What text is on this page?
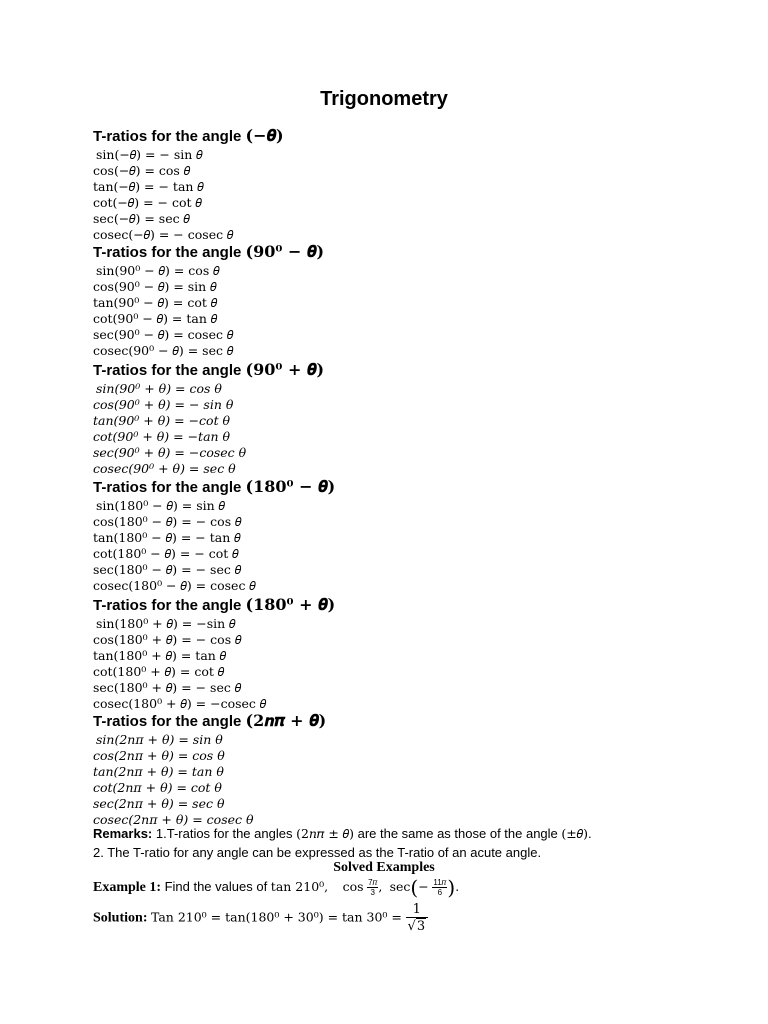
Trigonometry
T-ratios for the angle (−𝜽)
sin(−𝜃) = − sin 𝜃
cos(−𝜃) = cos 𝜃
tan(−𝜃) = − tan 𝜃
cot(−𝜃) = − cot 𝜃
sec(−𝜃) = sec 𝜃
cosec(−𝜃) = − cosec 𝜃
T-ratios for the angle (90⁰ − 𝜽)
sin(90⁰ − 𝜃) = cos 𝜃
cos(90⁰ − 𝜃) = sin 𝜃
tan(90⁰ − 𝜃) = cot 𝜃
cot(90⁰ − 𝜃) = tan 𝜃
sec(90⁰ − 𝜃) = cosec 𝜃
cosec(90⁰ − 𝜃) = sec 𝜃
T-ratios for the angle (90⁰ + 𝜽)
sin(90⁰ + 𝜃) = cos 𝜃
cos(90⁰ + 𝜃) = − sin 𝜃
tan(90⁰ + 𝜃) = −cot 𝜃
cot(90⁰ + 𝜃) = −tan 𝜃
sec(90⁰ + 𝜃) = −cosec 𝜃
cosec(90⁰ + 𝜃) = sec 𝜃
T-ratios for the angle (180⁰ − 𝜽)
sin(180⁰ − 𝜃) = sin 𝜃
cos(180⁰ − 𝜃) = − cos 𝜃
tan(180⁰ − 𝜃) = − tan 𝜃
cot(180⁰ − 𝜃) = − cot 𝜃
sec(180⁰ − 𝜃) = − sec 𝜃
cosec(180⁰ − 𝜃) = cosec 𝜃
T-ratios for the angle (180⁰ + 𝜽)
sin(180⁰ + 𝜃) = −sin 𝜃
cos(180⁰ + 𝜃) = − cos 𝜃
tan(180⁰ + 𝜃) = tan 𝜃
cot(180⁰ + 𝜃) = cot 𝜃
sec(180⁰ + 𝜃) = − sec 𝜃
cosec(180⁰ + 𝜃) = −cosec 𝜃
T-ratios for the angle (2𝒏𝝅 + 𝜽)
sin(2𝑛𝜋 + 𝜃) = sin 𝜃
cos(2𝑛𝜋 + 𝜃) = cos 𝜃
tan(2𝑛𝜋 + 𝜃) = tan 𝜃
cot(2𝑛𝜋 + 𝜃) = cot 𝜃
sec(2𝑛𝜋 + 𝜃) = sec 𝜃
cosec(2𝑛𝜋 + 𝜃) = cosec 𝜃
Remarks: 1.T-ratios for the angles (2𝑛𝜋 ± 𝜃) are the same as those of the angle (±𝜃).
2. The T-ratio for any angle can be expressed as the T-ratio of an acute angle.
Solved Examples
Example 1: Find the values of tan 210⁰, $\cos \frac{\text{7𝜋}}{3}$ , $\sec(- \frac{\text{11𝜋}}{6}$ ).
Solution: Tan $210^0 = \tan(180^0 + 30^0) = \tan 30^0 = \frac{1}{√3}$
